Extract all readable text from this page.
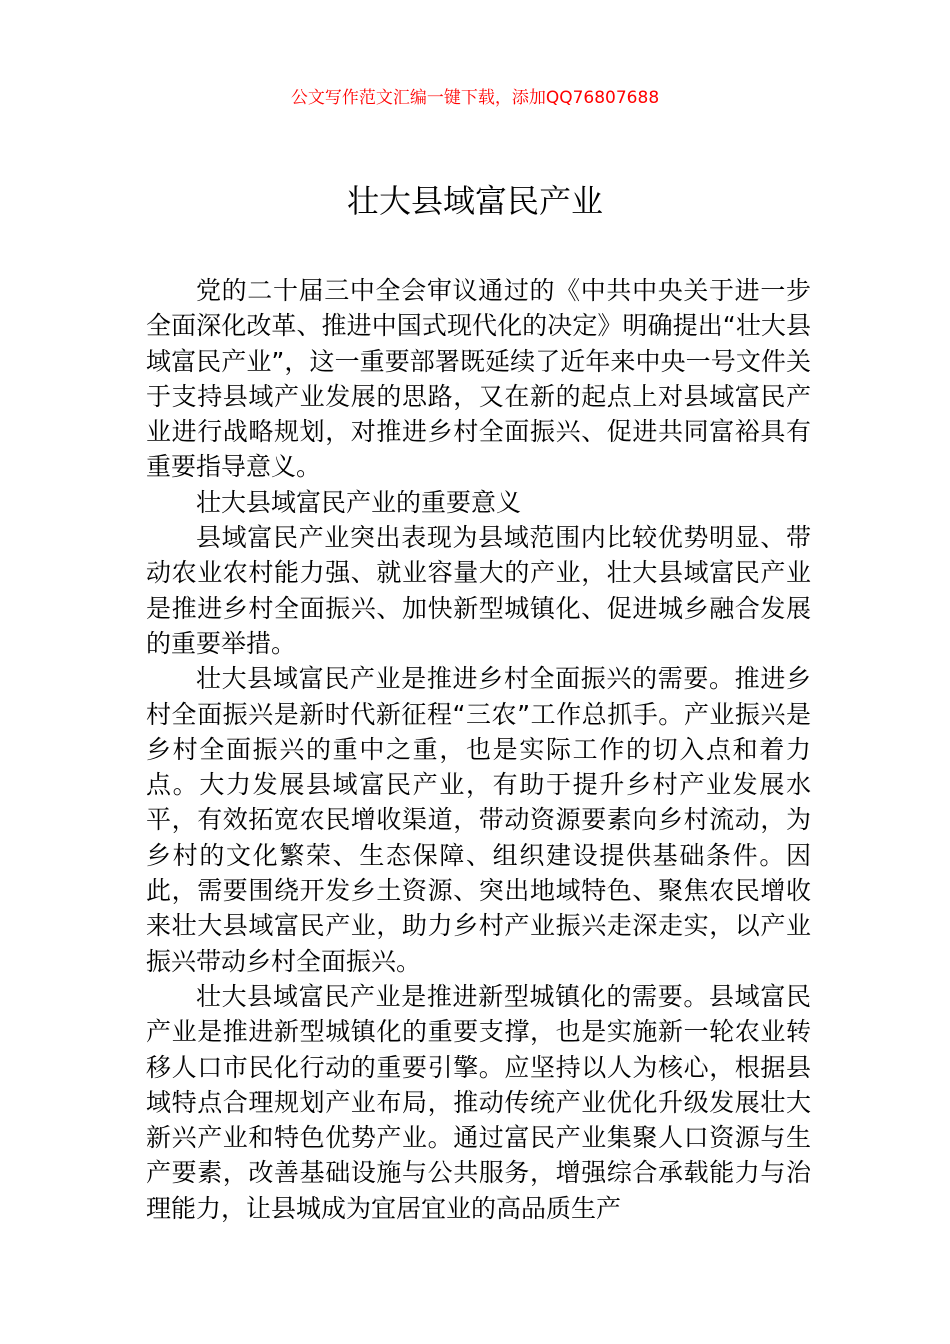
公文写作范文汇编一键下载，添加QQ76807688
壮大县域富民产业

党的二十届三中全会审议通过的《中共中央关于进一步全面深化改革、推进中国式现代化的决定》明确提出“壮大县域富民产业”，这一重要部署既延续了近年来中央一号文件关于支持县域产业发展的思路，又在新的起点上对县域富民产业进行战略规划，对推进乡村全面振兴、促进共同富裕具有重要指导意义。

壮大县域富民产业的重要意义

县域富民产业突出表现为县域范围内比较优势明显、带动农业农村能力强、就业容量大的产业，壮大县域富民产业是推进乡村全面振兴、加快新型城镇化、促进城乡融合发展的重要举措。

壮大县域富民产业是推进乡村全面振兴的需要。推进乡村全面振兴是新时代新征程“三农”工作总抓手。产业振兴是乡村全面振兴的重中之重，也是实际工作的切入点和着力点。大力发展县域富民产业，有助于提升乡村产业发展水平，有效拓宽农民增收渠道，带动资源要素向乡村流动，为乡村的文化繁荣、生态保障、组织建设提供基础条件。因此，需要围绕开发乡土资源、突出地域特色、聚焦农民增收来壮大县域富民产业，助力乡村产业振兴走深走实，以产业振兴带动乡村全面振兴。

壮大县域富民产业是推进新型城镇化的需要。县域富民产业是推进新型城镇化的重要支撑，也是实施新一轮农业转移人口市民化行动的重要引擎。应坚持以人为核心，根据县域特点合理规划产业布局，推动传统产业优化升级发展壮大新兴产业和特色优势产业。通过富民产业集聚人口资源与生产要素，改善基础设施与公共服务，增强综合承载能力与治理能力，让县城成为宜居宜业的高品质生产
